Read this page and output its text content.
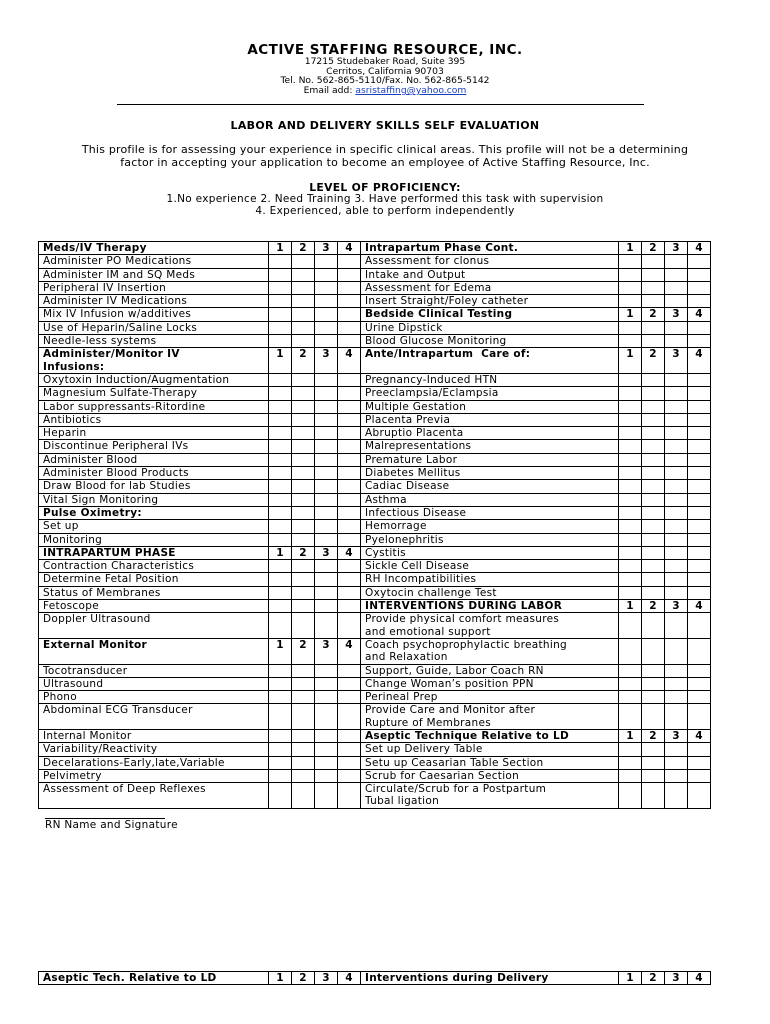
ACTIVE STAFFING RESOURCE, INC.
17215 Studebaker Road, Suite 395
Cerritos, California 90703
Tel. No. 562-865-5110/Fax. No. 562-865-5142
Email add: asristaffing@yahoo.com
LABOR AND DELIVERY SKILLS SELF EVALUATION
This profile is for assessing your experience in specific clinical areas. This profile will not be a determining
factor in accepting your application to become an employee of Active Staffing Resource, Inc.
LEVEL OF PROFICIENCY:
1.No experience 2. Need Training 3. Have performed this task with supervision
4. Experienced, able to perform independently
Meds/IV Therapy	1	2	3	4	Intrapartum Phase Cont.	1	2	3	4
Administer PO Medications					Assessment for clonus				
Administer IM and SQ Meds					Intake and Output				
Peripheral IV Insertion					Assessment for Edema				
Administer IV Medications					Insert Straight/Foley catheter				
Mix IV Infusion w/additives					Bedside Clinical Testing	1	2	3	4
Use of Heparin/Saline Locks					Urine Dipstick				
Needle-less systems					Blood Glucose Monitoring				
Administer/Monitor IV
Infusions:	1	2	3	4	Ante/Intrapartum  Care of:	1	2	3	4
Oxytoxin Induction/Augmentation					Pregnancy-Induced HTN				
Magnesium Sulfate-Therapy					Preeclampsia/Eclampsia				
Labor suppressants-Ritordine					Multiple Gestation				
Antibiotics					Placenta Previa				
Heparin					Abruptio Placenta				
Discontinue Peripheral IVs					Malrepresentations				
Administer Blood					Premature Labor				
Administer Blood Products					Diabetes Mellitus				
Draw Blood for lab Studies					Cadiac Disease				
Vital Sign Monitoring					Asthma				
Pulse Oximetry:					Infectious Disease				
Set up					Hemorrage				
Monitoring					Pyelonephritis				
INTRAPARTUM PHASE	1	2	3	4	Cystitis				
Contraction Characteristics					Sickle Cell Disease				
Determine Fetal Position					RH Incompatibilities				
Status of Membranes					Oxytocin challenge Test				
Fetoscope					INTERVENTIONS DURING LABOR	1	2	3	4
Doppler Ultrasound					Provide physical comfort measures
and emotional support				
External Monitor	1	2	3	4	Coach psychoprophylactic breathing
and Relaxation				
Tocotransducer					Support, Guide, Labor Coach RN				
Ultrasound					Change Woman’s position PPN				
Phono					Perineal Prep				
Abdominal ECG Transducer					Provide Care and Monitor after
Rupture of Membranes				
Internal Monitor					Aseptic Technique Relative to LD	1	2	3	4
Variability/Reactivity					Set up Delivery Table				
Decelarations-Early,late,Variable					Setu up Ceasarian Table Section				
Pelvimetry					Scrub for Caesarian Section				
Assessment of Deep Reflexes					Circulate/Scrub for a Postpartum
Tubal ligation				
RN Name and Signature
Aseptic Tech. Relative to LD	1	2	3	4	Interventions during Delivery	1	2	3	4
